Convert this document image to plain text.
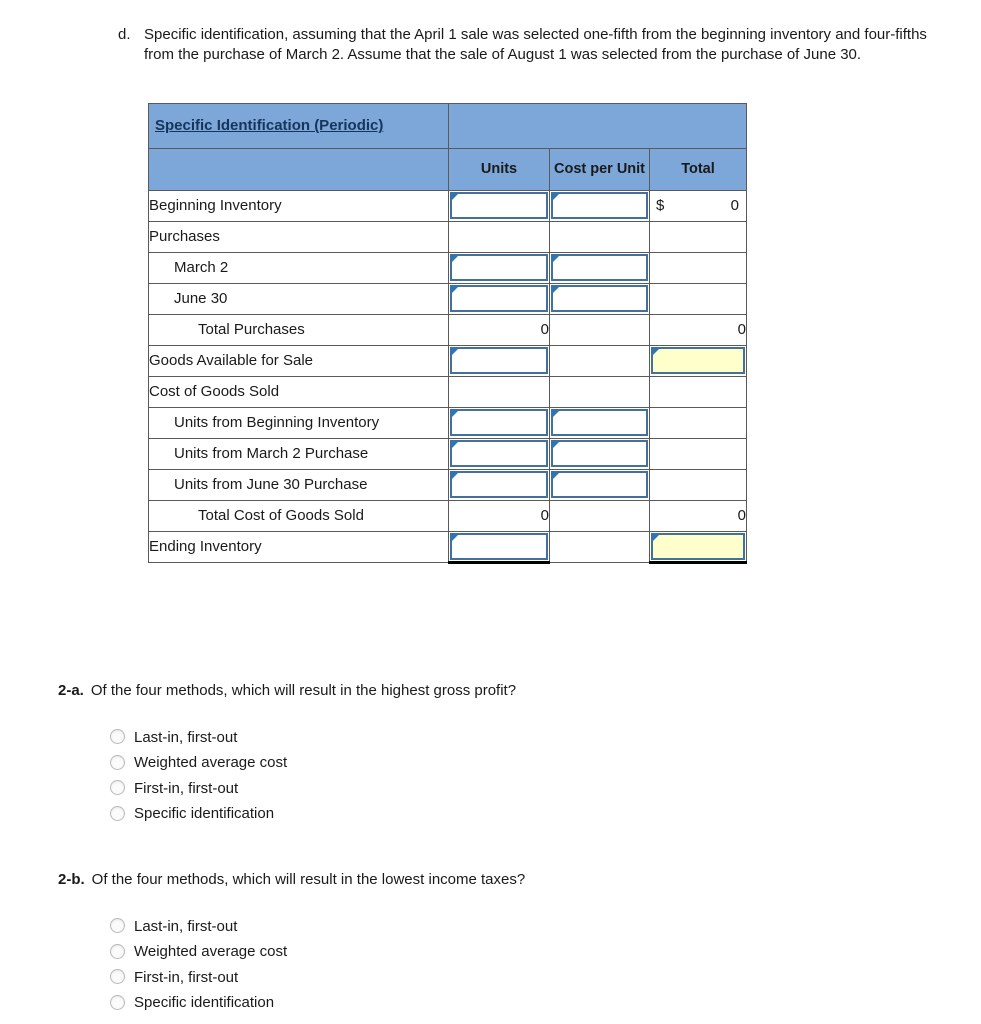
d. Specific identification, assuming that the April 1 sale was selected one-fifth from the beginning inventory and four-fifths from the purchase of March 2. Assume that the sale of August 1 was selected from the purchase of June 30.
Specific Identification (Periodic)			
	Units	Cost per Unit	Total
Beginning Inventory			$ 0

Purchases			
March 2	

June 30	

Total Purchases	0		0
Goods Available for Sale	

Cost of Goods Sold			
Units from Beginning Inventory	

Units from March 2 Purchase	

Units from June 30 Purchase	

Total Cost of Goods Sold	0		0
Ending Inventory	

2-a. Of the four methods, which will result in the highest gross profit?
Last-in, first-out
Weighted average cost
First-in, first-out
Specific identification
2-b. Of the four methods, which will result in the lowest income taxes?
Last-in, first-out
Weighted average cost
First-in, first-out
Specific identification
